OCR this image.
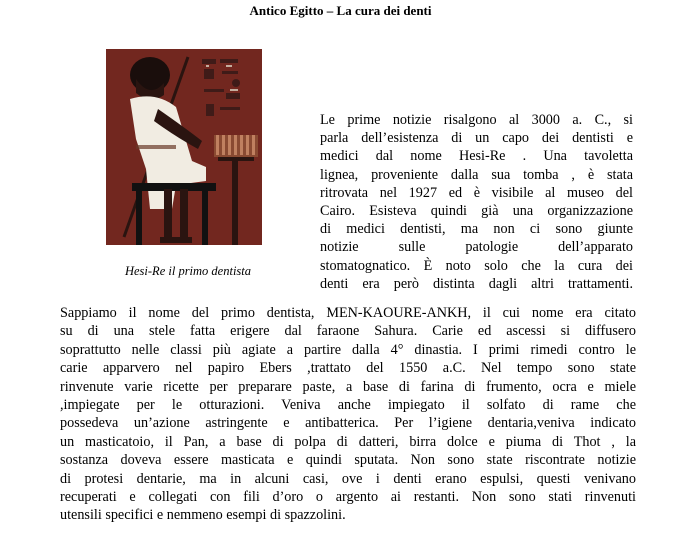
Antico Egitto – La cura dei denti
Hesi-Re il primo dentista
Le prime notizie risalgono al 3000 a. C., si
parla dell’esistenza di un capo dei dentisti e
medici dal nome Hesi-Re . Una tavoletta
lignea, proveniente dalla sua tomba , è stata
ritrovata nel 1927 ed è visibile al museo del
Cairo. Esisteva quindi già una organizzazione
di medici dentisti, ma non ci sono giunte
notizie sulle patologie dell’apparato
stomatognatico. È noto solo che la cura dei
denti era però distinta dagli altri trattamenti.
Sappiamo il nome del primo dentista, MEN-KAOURE-ANKH, il cui nome era citato
su di una stele fatta erigere dal faraone Sahura. Carie ed ascessi si diffusero
soprattutto nelle classi più agiate a partire dalla 4° dinastia. I primi rimedi contro le
carie apparvero nel papiro Ebers ,trattato del 1550 a.C. Nel tempo sono state
rinvenute varie ricette per preparare paste, a base di farina di frumento, ocra e miele
,impiegate per le otturazioni. Veniva anche impiegato il solfato di rame che
possedeva un’azione astringente e antibatterica. Per l’igiene dentaria,veniva indicato
un masticatoio, il Pan, a base di polpa di datteri, birra dolce e piuma di Thot , la
sostanza doveva essere masticata e quindi sputata. Non sono state riscontrate notizie
di protesi dentarie, ma in alcuni casi, ove i denti erano espulsi, questi venivano
recuperati e collegati con fili d’oro o argento ai restanti. Non sono stati rinvenuti
utensili specifici e nemmeno esempi di spazzolini.
